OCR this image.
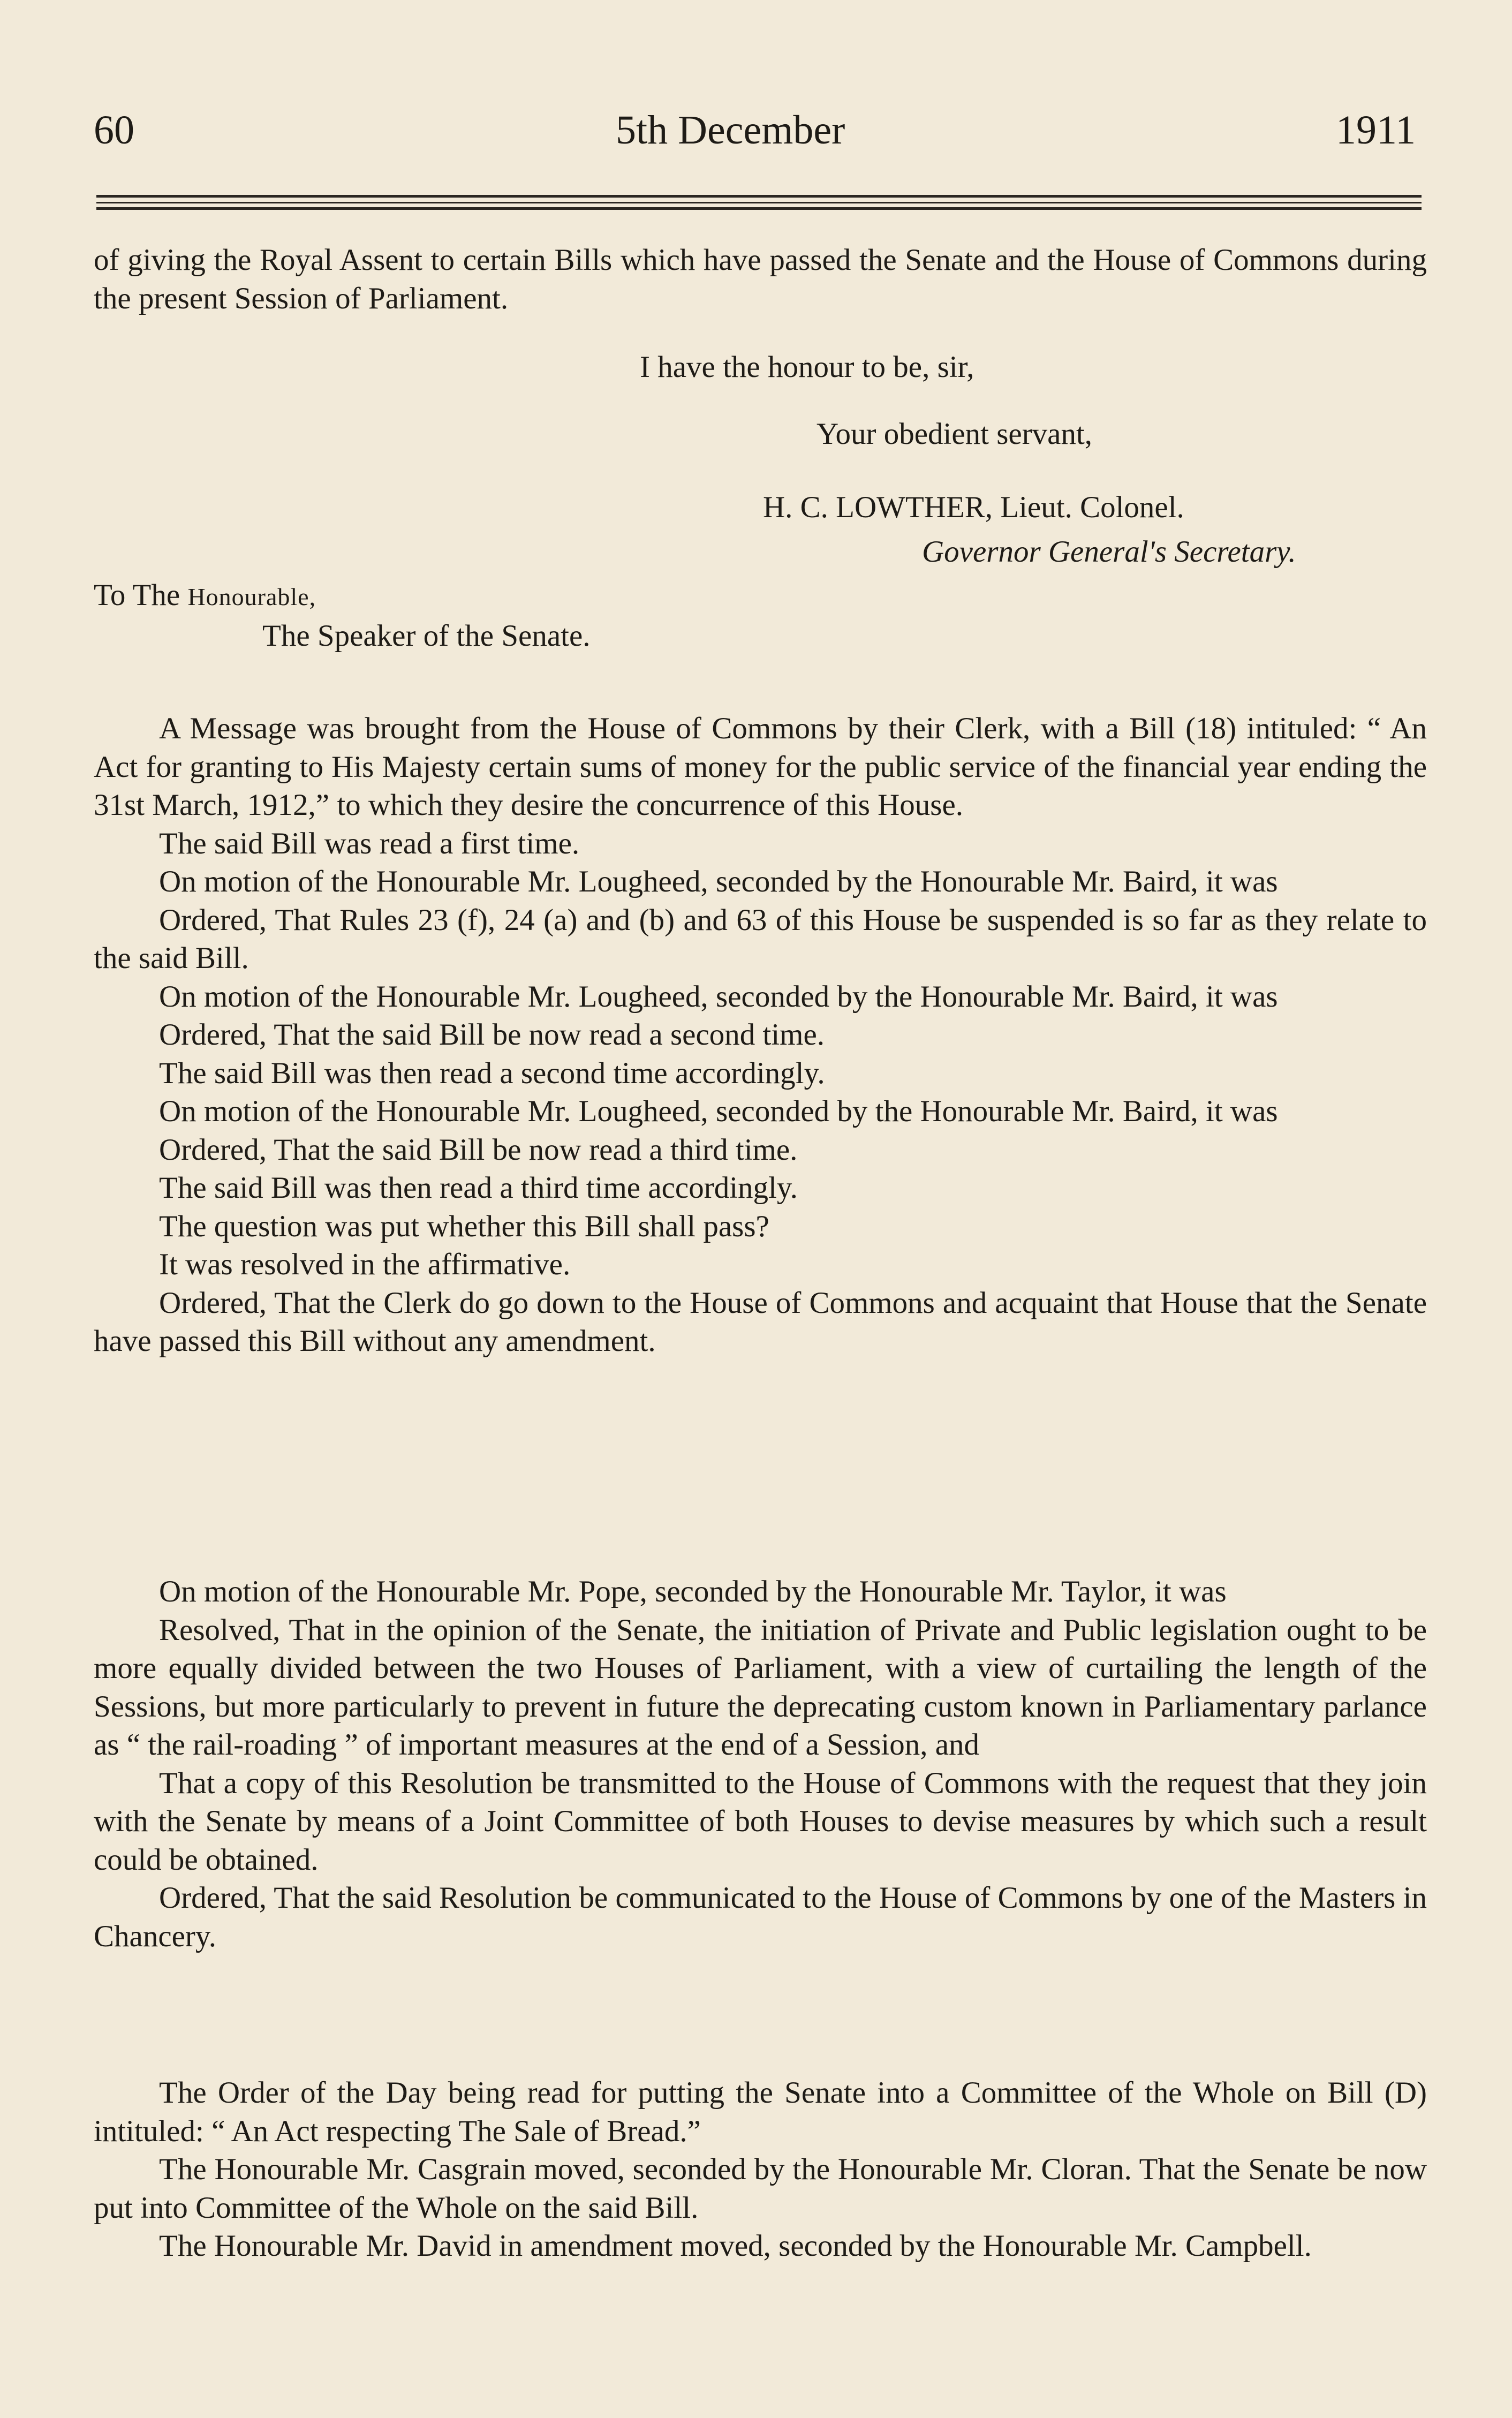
60	5th December	1911

of giving the Royal Assent to certain Bills which have passed the Senate and the House of Commons during the present Session of Parliament.

I have the honour to be, sir,
Your obedient servant,
H. C. LOWTHER, Lieut. Colonel.
Governor General's Secretary.
To The Honourable,
The Speaker of the Senate.

A Message was brought from the House of Commons by their Clerk, with a Bill (18) intituled: “ An Act for granting to His Majesty certain sums of money for the public service of the financial year ending the 31st March, 1912,” to which they desire the concurrence of this House.

The said Bill was read a first time.

On motion of the Honourable Mr. Lougheed, seconded by the Honourable Mr. Baird, it was

Ordered, That Rules 23 (f), 24 (a) and (b) and 63 of this House be suspended is so far as they relate to the said Bill.

On motion of the Honourable Mr. Lougheed, seconded by the Honourable Mr. Baird, it was

Ordered, That the said Bill be now read a second time.

The said Bill was then read a second time accordingly.

On motion of the Honourable Mr. Lougheed, seconded by the Honourable Mr. Baird, it was

Ordered, That the said Bill be now read a third time.

The said Bill was then read a third time accordingly.

The question was put whether this Bill shall pass?

It was resolved in the affirmative.

Ordered, That the Clerk do go down to the House of Commons and acquaint that House that the Senate have passed this Bill without any amendment.

On motion of the Honourable Mr. Pope, seconded by the Honourable Mr. Taylor, it was

Resolved, That in the opinion of the Senate, the initiation of Private and Public legislation ought to be more equally divided between the two Houses of Parliament, with a view of curtailing the length of the Sessions, but more particularly to prevent in future the deprecating custom known in Parliamentary parlance as “ the rail-roading ” of important measures at the end of a Session, and

That a copy of this Resolution be transmitted to the House of Commons with the request that they join with the Senate by means of a Joint Committee of both Houses to devise measures by which such a result could be obtained.

Ordered, That the said Resolution be communicated to the House of Commons by one of the Masters in Chancery.

The Order of the Day being read for putting the Senate into a Committee of the Whole on Bill (D) intituled: “ An Act respecting The Sale of Bread.”

The Honourable Mr. Casgrain moved, seconded by the Honourable Mr. Cloran. That the Senate be now put into Committee of the Whole on the said Bill.

The Honourable Mr. David in amendment moved, seconded by the Honourable Mr. Campbell.
